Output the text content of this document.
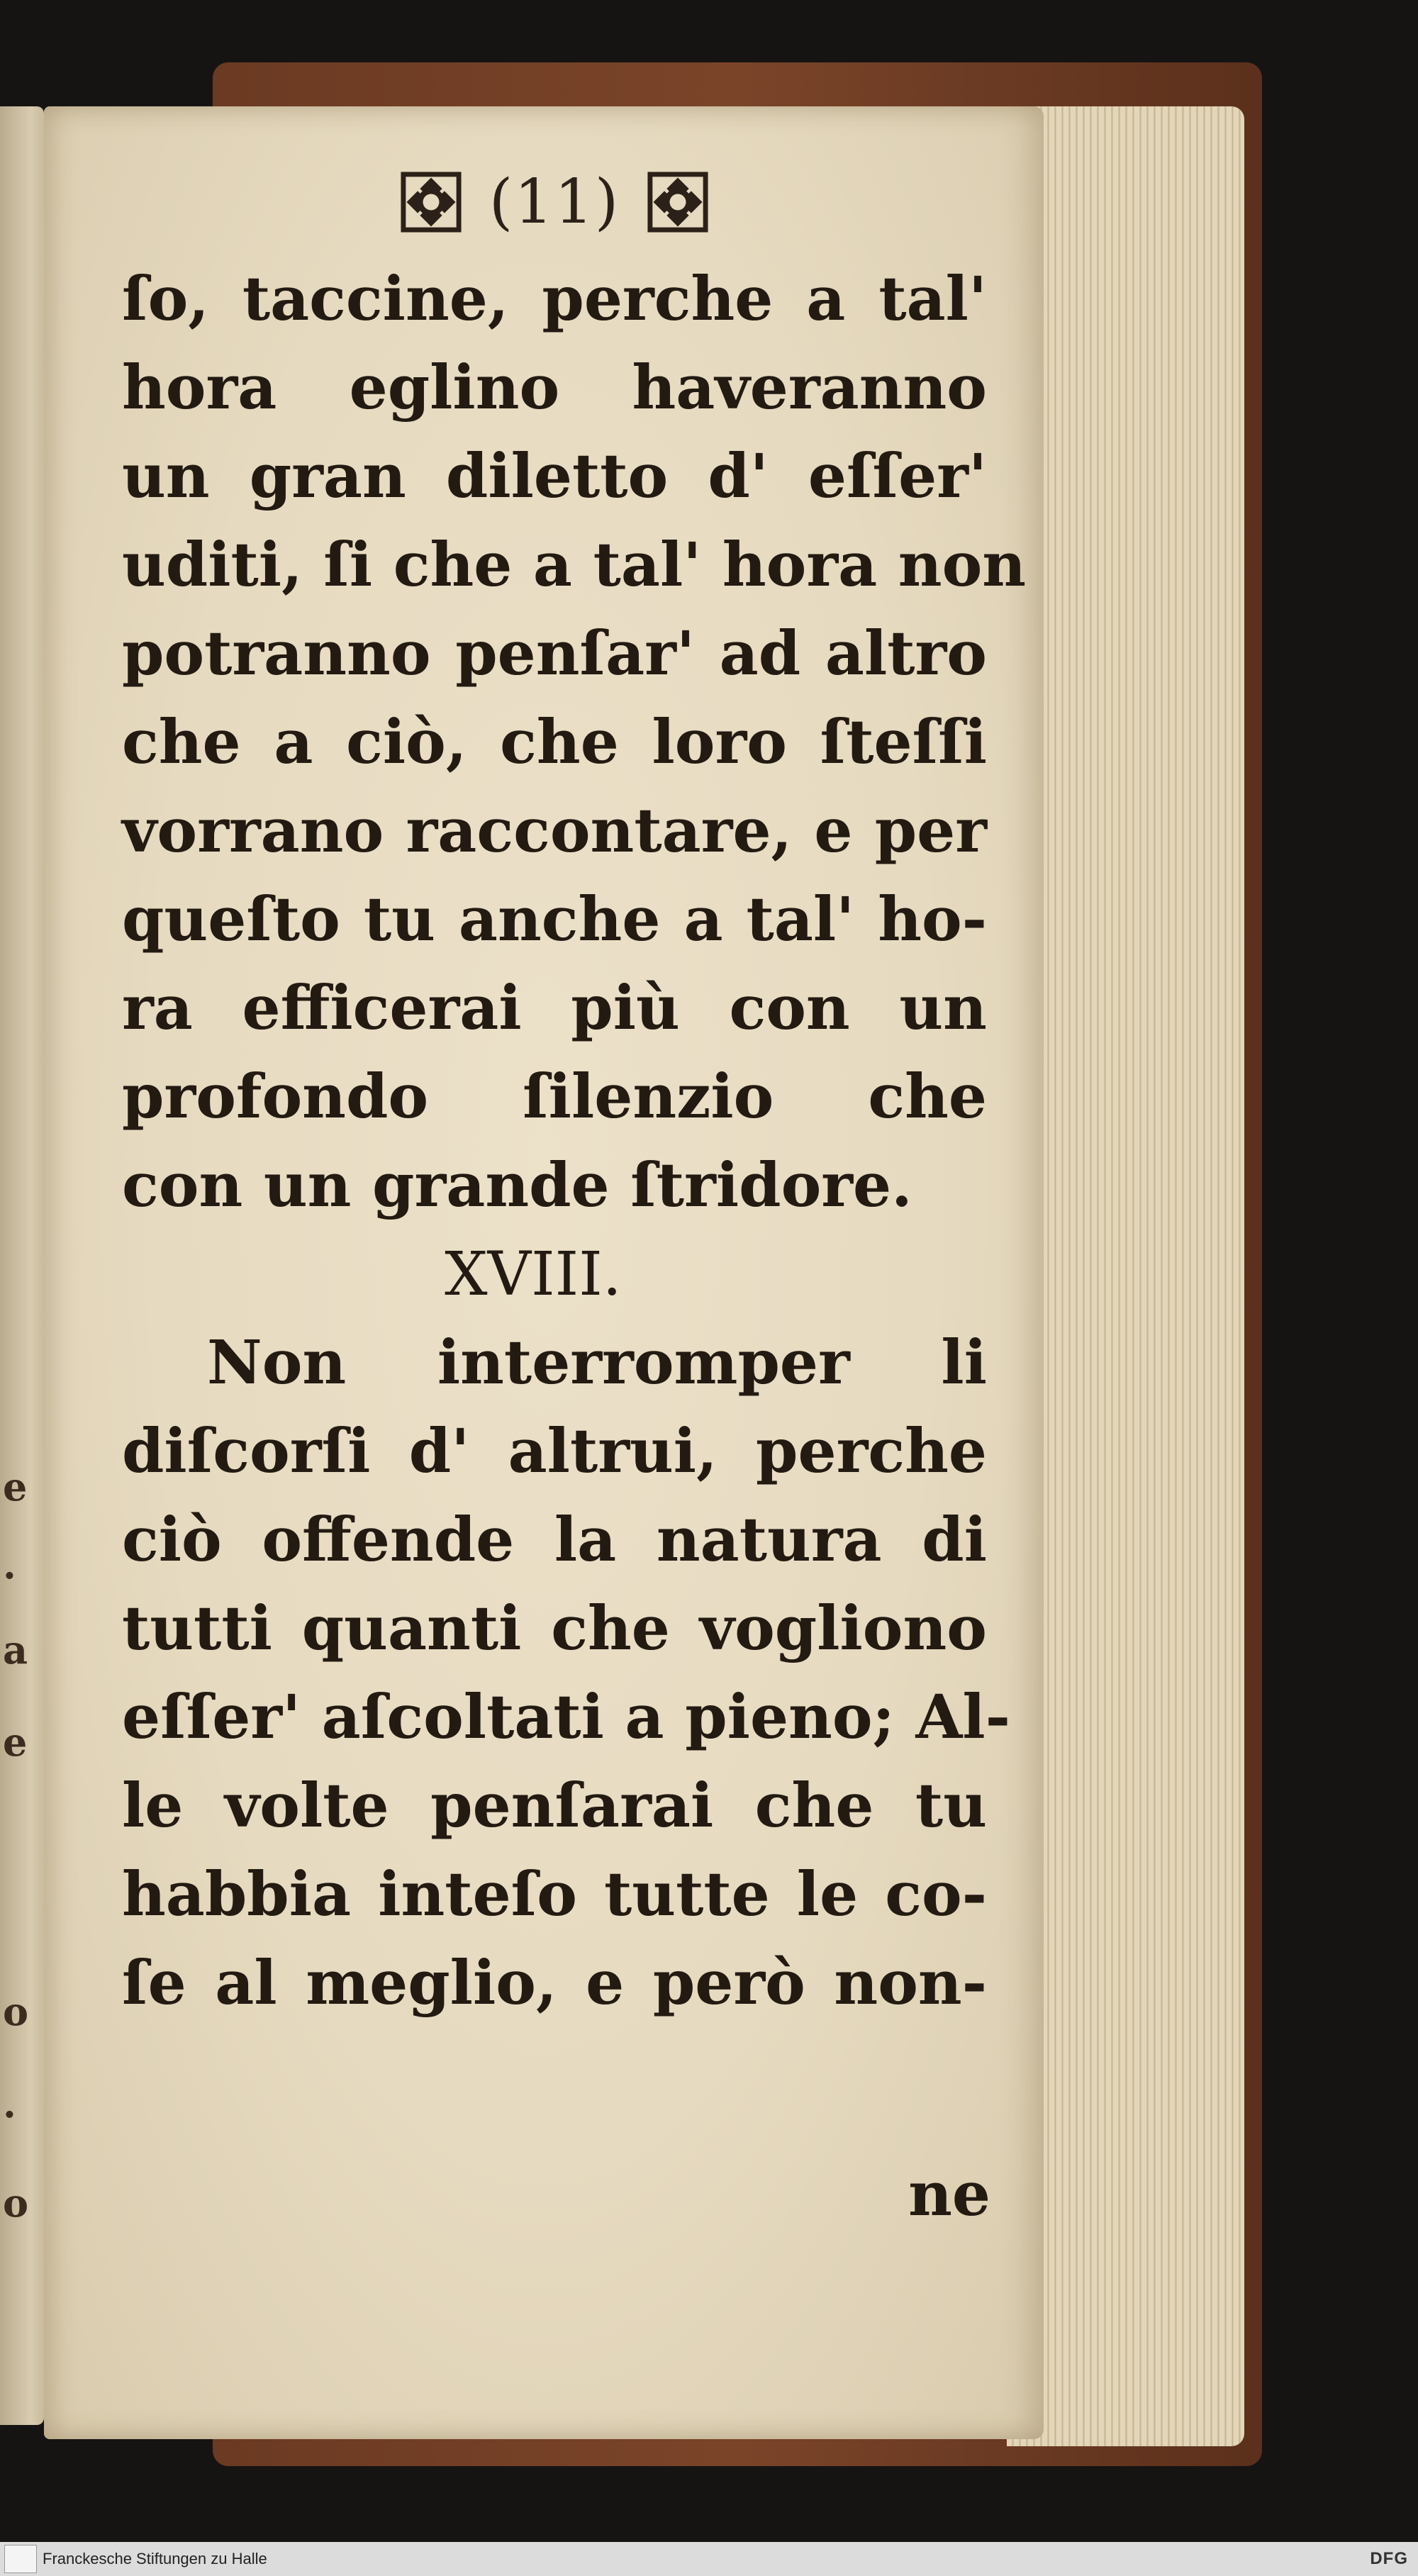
e
.
a
e
o
.
o
(11)
ſo, taccine, perche a tal'
hora eglino haveranno
un gran diletto d' eſſer'
uditi, ſi che a tal' hora non
potranno penſar' ad altro
che a ciò, che loro ſteſſi
vorrano raccontare, e per
queſto tu anche a tal' ho-
ra efficerai più con un
profondo ſilenzio che
con un grande ſtridore.
XVIII.
Non interromper li
diſcorſi d' altrui, perche
ciò offende la natura di
tutti quanti che vogliono
eſſer' aſcoltati a pieno; Al-
le volte penſarai che tu
habbia inteſo tutte le co-
ſe al meglio, e però non-
ne
Franckesche Stiftungen zu Halle	DFG
